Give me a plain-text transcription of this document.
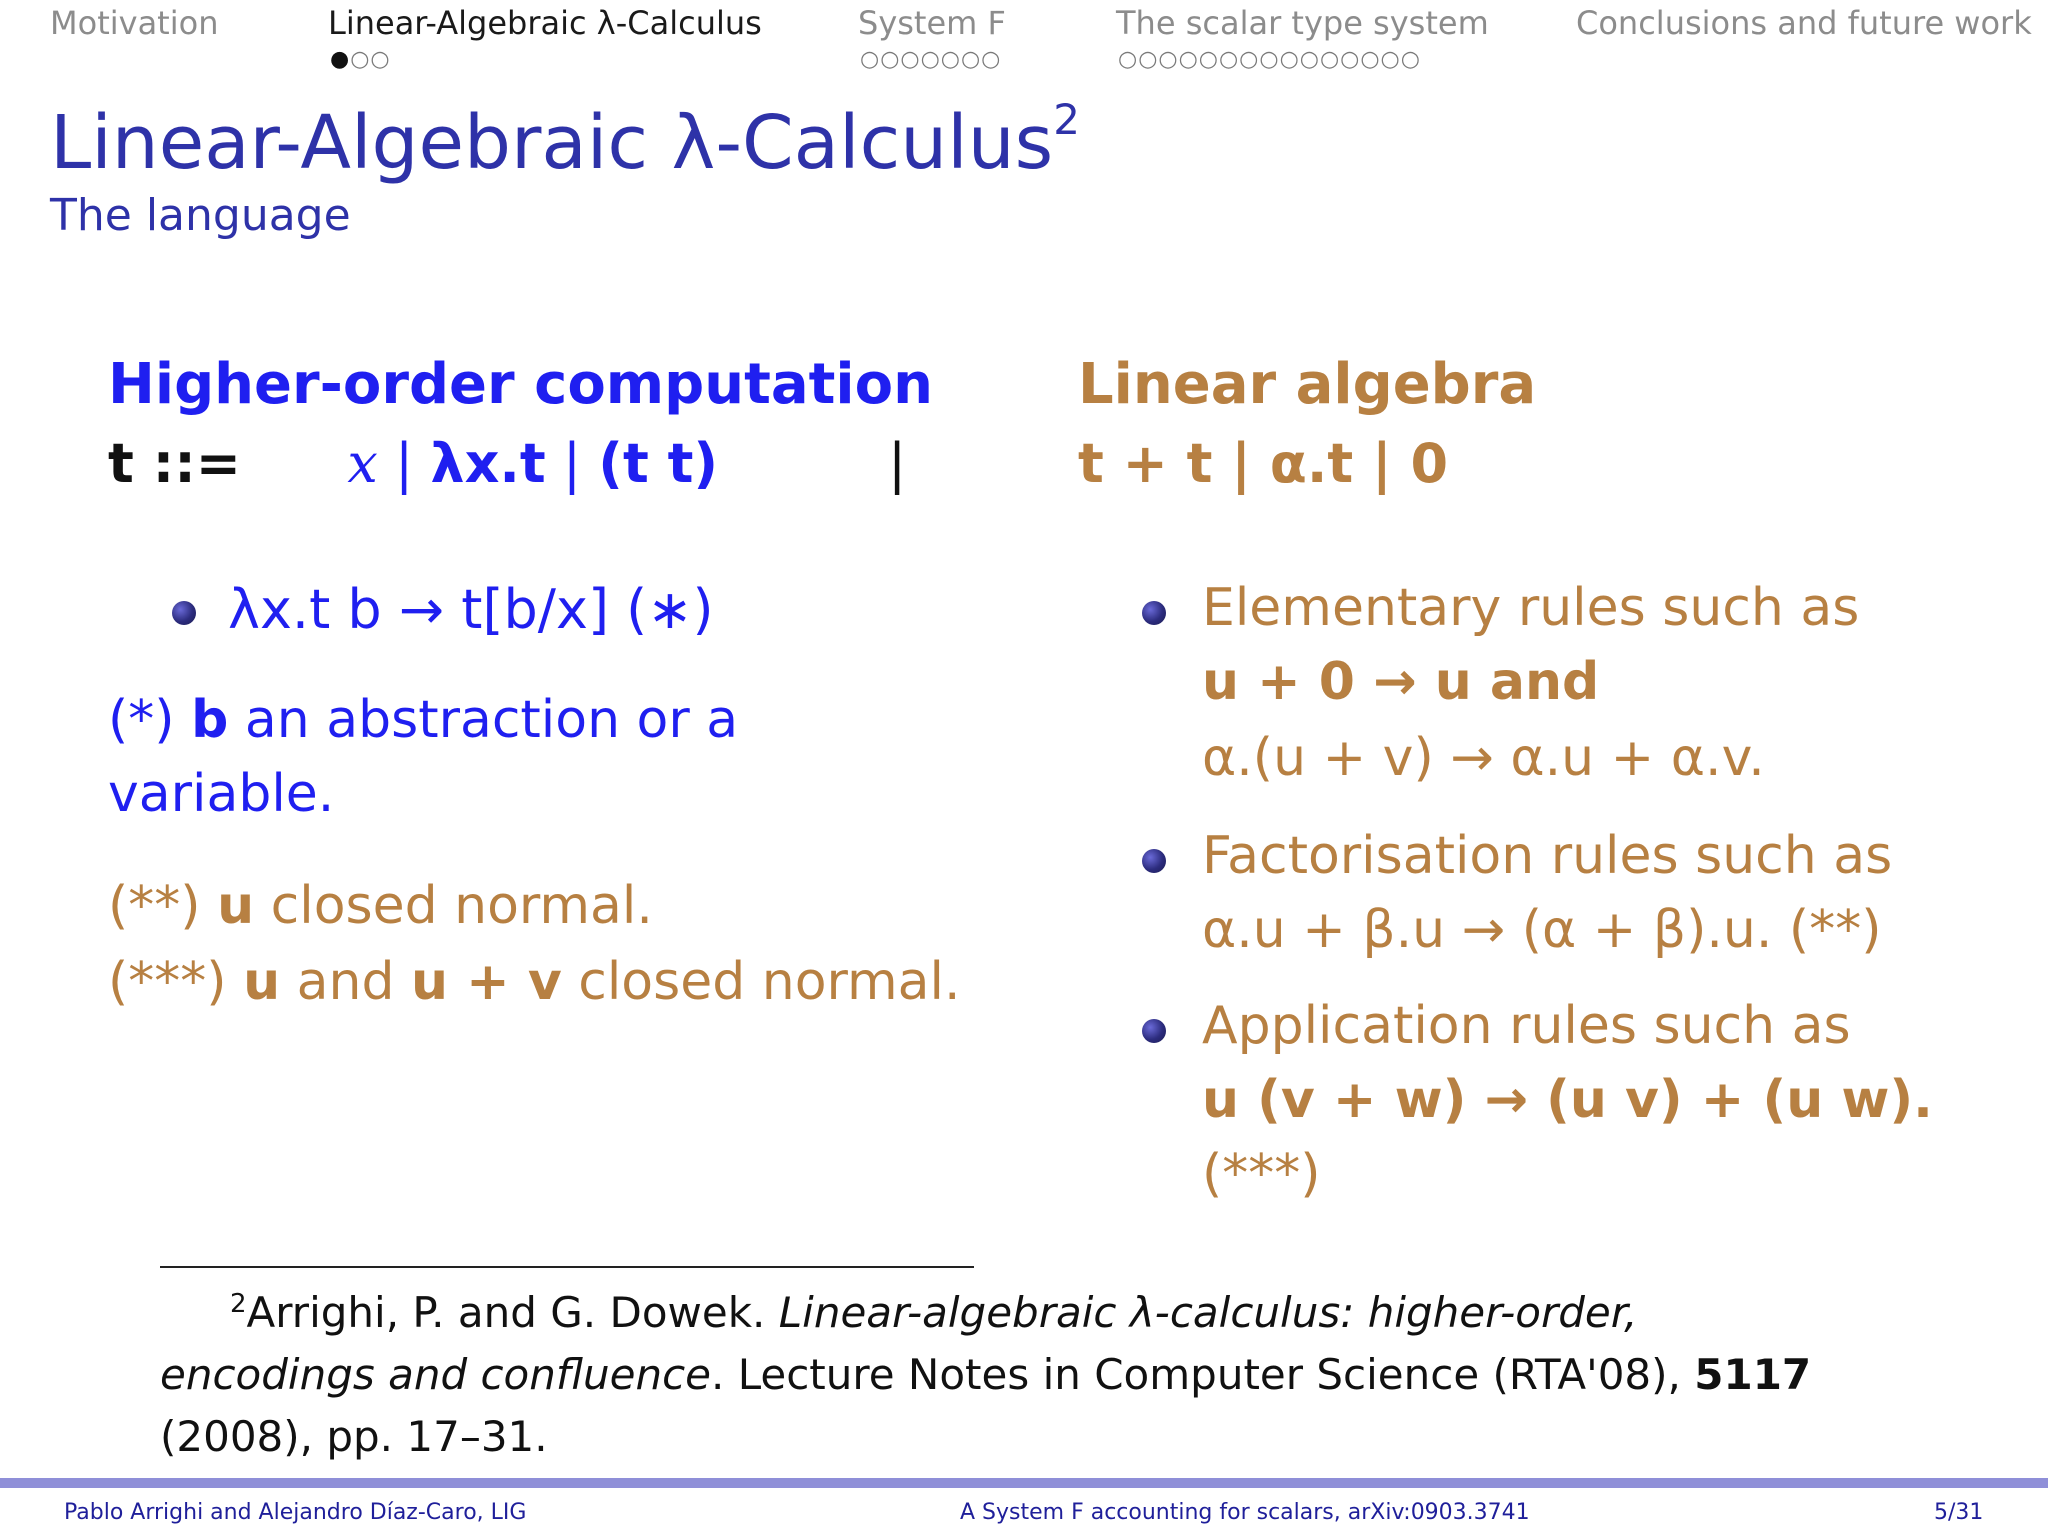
Motivation	Linear-Algebraic λ-Calculus
●○○
System F
○○○○○○○
The scalar type system
○○○○○○○○○○○○○○○
Conclusions and future work
Linear-Algebraic λ-Calculus$^2$
The language
Higher-order computation
t ::= x | λx.t | (t t)	|
λx.t b → t[b/x] (∗)
(*) b an abstraction or a
variable.
(**) u closed normal.
(***) u and u + v closed normal.
Linear algebra
t + t | α.t | 0
Elementary rules such as
u + 0 → u and
α.(u + v) → α.u + α.v.
Factorisation rules such as
α.u + β.u → (α + β).u. (**)
Application rules such as
u (v + w) → (u v) + (u w).
(***)
$^2$Arrighi, P. and G. Dowek. Linear-algebraic λ-calculus: higher-order,
encodings and confluence. Lecture Notes in Computer Science (RTA'08), 5117
(2008), pp. 17–31.
Pablo Arrighi and Alejandro Díaz-Caro, LIG	A System F accounting for scalars, arXiv:0903.3741	5/31
